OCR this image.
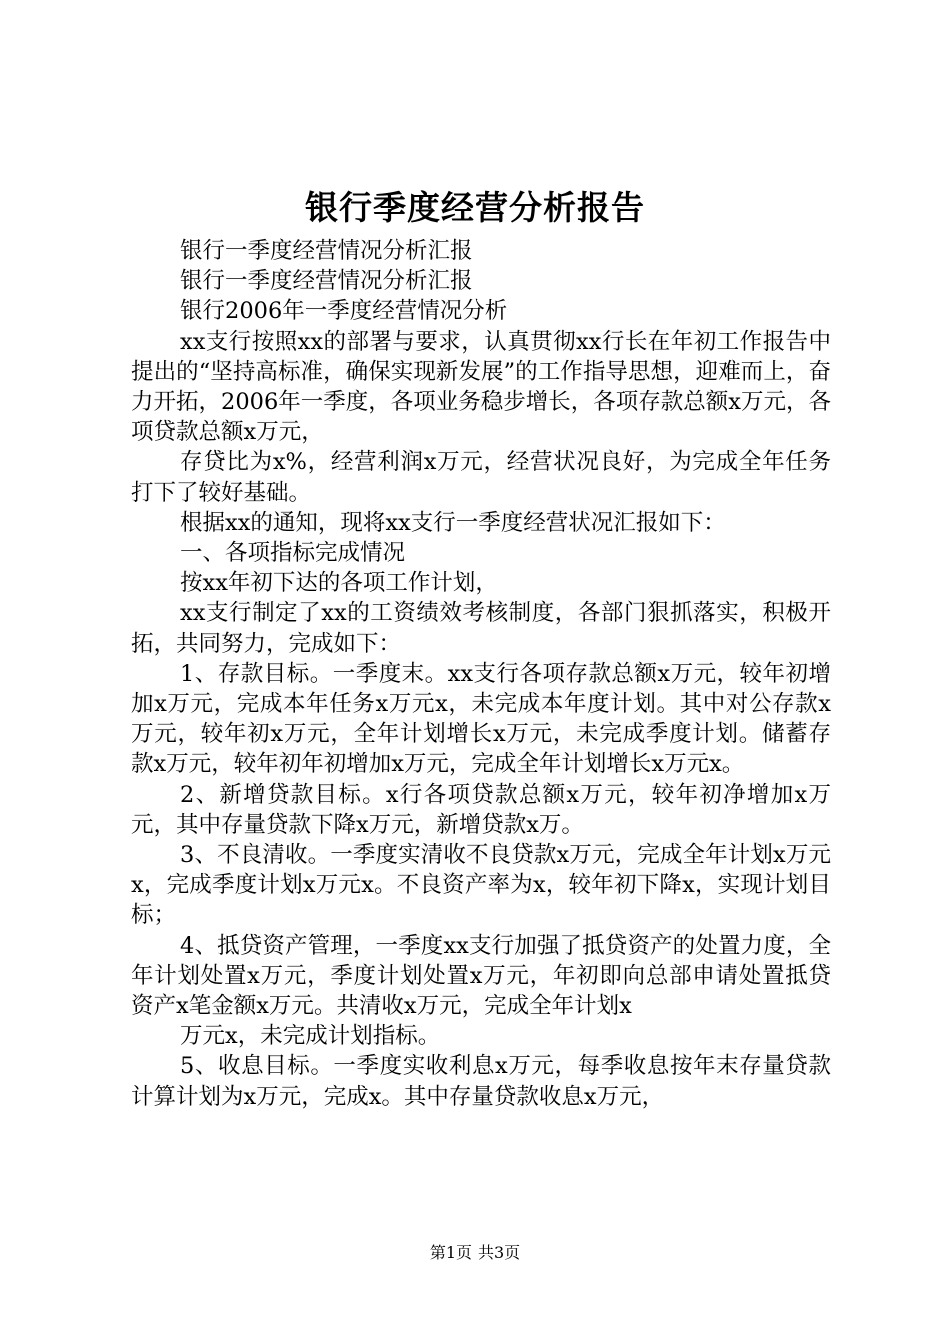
银行季度经营分析报告

银行一季度经营情况分析汇报

银行一季度经营情况分析汇报

银行2006年一季度经营情况分析

xx支行按照xx的部署与要求，认真贯彻xx行长在年初工作报告中提出的“坚持高标准，确保实现新发展”的工作指导思想，迎难而上，奋力开拓，2006年一季度，各项业务稳步增长，各项存款总额x万元，各项贷款总额x万元，

存贷比为x%，经营利润x万元，经营状况良好，为完成全年任务打下了较好基础。

根据xx的通知，现将xx支行一季度经营状况汇报如下：

一、各项指标完成情况

按xx年初下达的各项工作计划，

xx支行制定了xx的工资绩效考核制度，各部门狠抓落实，积极开拓，共同努力，完成如下：

1、存款目标。一季度末。xx支行各项存款总额x万元，较年初增加x万元，完成本年任务x万元x，未完成本年度计划。其中对公存款x万元，较年初x万元，全年计划增长x万元，未完成季度计划。储蓄存款x万元，较年初年初增加x万元，完成全年计划增长x万元x。

2、新增贷款目标。x行各项贷款总额x万元，较年初净增加x万元，其中存量贷款下降x万元，新增贷款x万。

3、不良清收。一季度实清收不良贷款x万元，完成全年计划x万元x，完成季度计划x万元x。不良资产率为x，较年初下降x，实现计划目标；

4、抵贷资产管理，一季度xx支行加强了抵贷资产的处置力度，全年计划处置x万元，季度计划处置x万元，年初即向总部申请处置抵贷资产x笔金额x万元。共清收x万元，完成全年计划x

万元x，未完成计划指标。

5、收息目标。一季度实收利息x万元，每季收息按年末存量贷款计算计划为x万元，完成x。其中存量贷款收息x万元，

第1页 共3页
